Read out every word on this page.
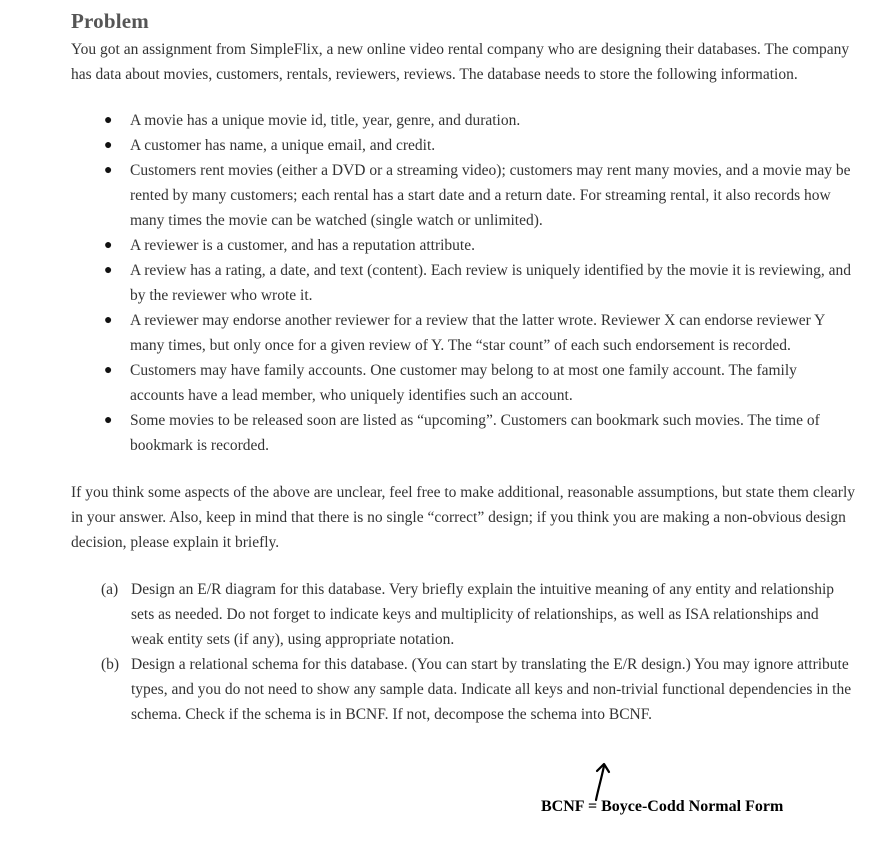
Problem

You got an assignment from SimpleFlix, a new online video rental company who are designing their databases. The company has data about movies, customers, rentals, reviewers, reviews. The database needs to store the following information.

● A movie has a unique movie id, title, year, genre, and duration.
● A customer has name, a unique email, and credit.
● Customers rent movies (either a DVD or a streaming video); customers may rent many movies, and a movie may be rented by many customers; each rental has a start date and a return date. For streaming rental, it also records how many times the movie can be watched (single watch or unlimited).
● A reviewer is a customer, and has a reputation attribute.
● A review has a rating, a date, and text (content). Each review is uniquely identified by the movie it is reviewing, and by the reviewer who wrote it.
● A reviewer may endorse another reviewer for a review that the latter wrote. Reviewer X can endorse reviewer Y many times, but only once for a given review of Y. The “star count” of each such endorsement is recorded.
● Customers may have family accounts. One customer may belong to at most one family account. The family accounts have a lead member, who uniquely identifies such an account.
● Some movies to be released soon are listed as “upcoming”. Customers can bookmark such movies. The time of bookmark is recorded.

If you think some aspects of the above are unclear, feel free to make additional, reasonable assumptions, but state them clearly in your answer. Also, keep in mind that there is no single “correct” design; if you think you are making a non-obvious design decision, please explain it briefly.

(a) Design an E/R diagram for this database. Very briefly explain the intuitive meaning of any entity and relationship sets as needed. Do not forget to indicate keys and multiplicity of relationships, as well as ISA relationships and weak entity sets (if any), using appropriate notation.
(b) Design a relational schema for this database. (You can start by translating the E/R design.) You may ignore attribute types, and you do not need to show any sample data. Indicate all keys and non-trivial functional dependencies in the schema. Check if the schema is in BCNF. If not, decompose the schema into BCNF.
BCNF = Boyce-Codd Normal Form
